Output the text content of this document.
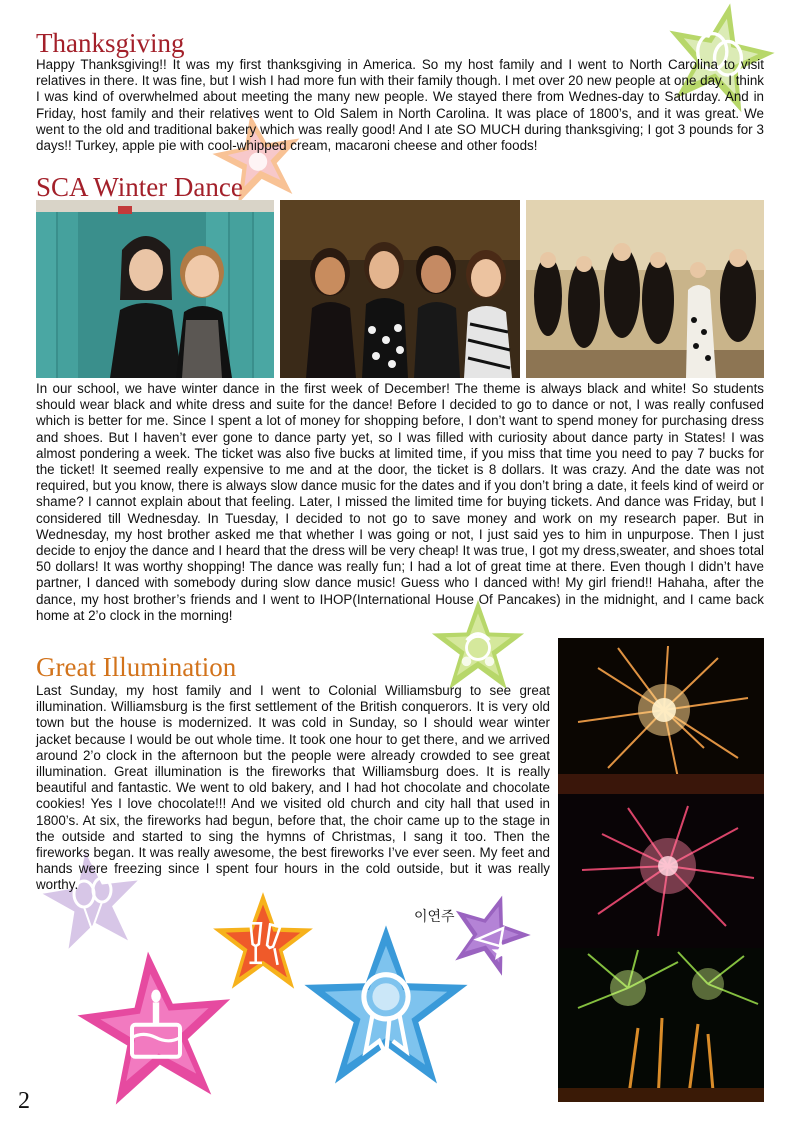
Thanksgiving

Happy Thanksgiving!! It was my first thanksgiving in America. So my host family and I went to North Carolina to visit relatives in there. It was fine, but I wish I had more fun with their family though. I met over 20 new people at one day. I think I was kind of overwhelmed about meeting the many new people. We stayed there from Wednes-day to Saturday. And in Friday, host family and their relatives went to Old Salem in North Carolina. It was place of 1800’s, and it was great. We went to the old and traditional bakery which was really good! And I ate SO MUCH during thanksgiving; I got 3 pounds for 3 days!! Turkey, apple pie with cool-whipped cream, macaroni cheese and other foods!

SCA Winter Dance

In our school, we have winter dance in the first week of December! The theme is always black and white! So students should wear black and white dress and suite for the dance! Before I decided to go to dance or not, I was really confused which is better for me. Since I spent a lot of money for shopping before, I don’t want to spend money for purchasing dress and shoes. But I haven’t ever gone to dance party yet, so I was filled with curiosity about dance party in States! I was almost pondering a week. The ticket was also five bucks at limited time, if you miss that time you need to pay 7 bucks for the ticket! It seemed really expensive to me and at the door, the ticket is 8 dollars. It was crazy. And the date was not required, but you know, there is always slow dance music for the dates and if you don’t bring a date, it feels kind of weird or shame? I cannot explain about that feeling. Later, I missed the limited time for buying tickets. And dance was Friday, but I considered till Wednesday. In Tuesday, I decided to not go to save money and work on my research paper. But in Wednesday, my host brother asked me that whether I was going or not, I just said yes to him in unpurpose. Then I just decide to enjoy the dance and I heard that the dress will be very cheap! It was true, I got my dress,sweater, and shoes total 50 dollars! It was worthy shopping! The dance was really fun; I had a lot of great time at there. Even though I didn’t have partner, I danced with somebody during slow dance music! Guess who I danced with! My girl friend!! Hahaha, after the dance, my host brother’s friends and I went to IHOP(International House Of Pancakes) in the midnight, and I came back home at 2’o clock in the morning!

Great Illumination

Last Sunday, my host family and I went to Colonial Williamsburg to see great illumination. Williamsburg is the first settlement of the British conquerors. It is very old town but the house is modernized. It was cold in Sunday, so I should wear winter jacket because I would be out whole time. It took one hour to get there, and we arrived around 2’o clock in the afternoon but the people were already crowded to see great illumination. Great illumination is the fireworks that Williamsburg does. It is really beautiful and fantastic. We went to old bakery, and I had hot chocolate and chocolate cookies! Yes I love chocolate!!! And we visited old church and city hall that used in 1800’s. At six, the fireworks had begun, before that, the choir came up to the stage in the outside and started to sing the hymns of Christmas, I sang it too. Then the fireworks began. It was really awesome, the best fireworks I’ve ever seen. My feet and hands were freezing since I spent four hours in the cold outside, but it was really worthy.

이연주
2
